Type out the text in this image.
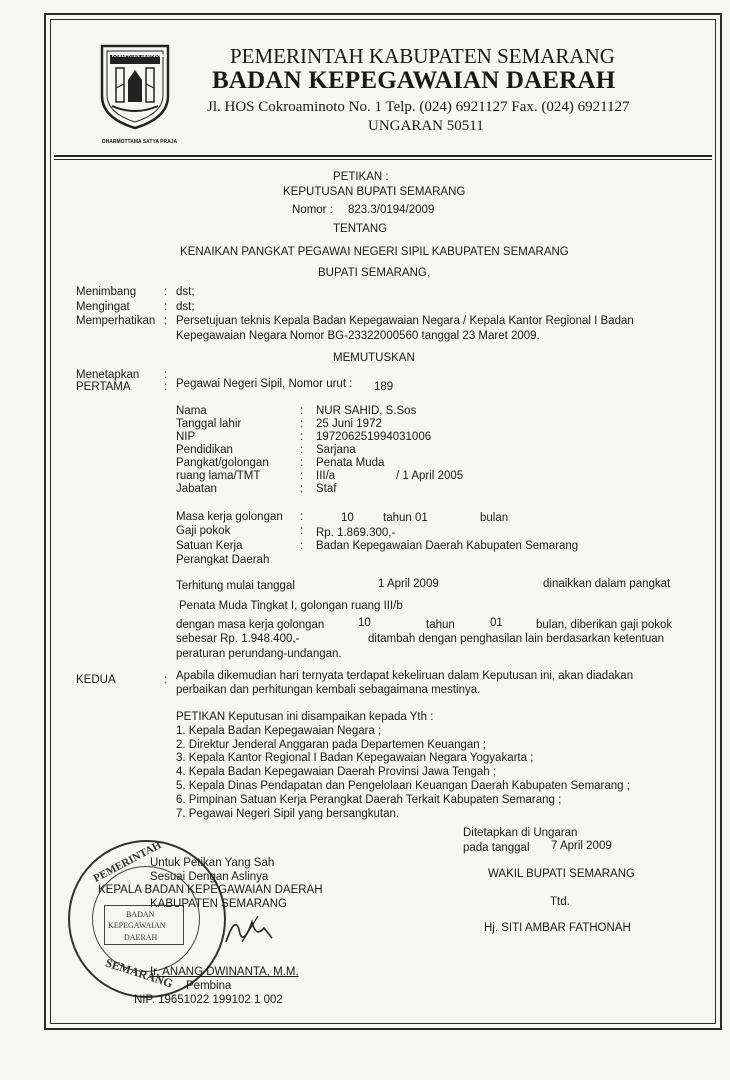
KABUPATEN SEMARANG
DHARMOTTAMA SATYA PRAJA
PEMERINTAH KABUPATEN SEMARANG
BADAN KEPEGAWAIAN DAERAH
Jl. HOS Cokroaminoto No. 1 Telp. (024) 6921127 Fax. (024) 6921127
UNGARAN 50511
PETIKAN :
KEPUTUSAN BUPATI SEMARANG
Nomor : 823.3/0194/2009
TENTANG
KENAIKAN PANGKAT PEGAWAI NEGERI SIPIL KABUPATEN SEMARANG
BUPATI SEMARANG,
Menimbang : dst;
Mengingat	: dst;
Memperhatikan : Persetujuan teknis Kepala Badan Kepegawaian Negara / Kepala Kantor Regional I Badan
Kepegawaian Negara Nomor BG-23322000560 tanggal 23 Maret 2009.
MEMUTUSKAN
Menetapkan :
PERTAMA	: Pegawai Negeri Sipil, Nomor urut : 189
Nama	: NUR SAHID, S.Sos
Tanggal lahir	: 25 Juni 1972
NIP	: 197206251994031006
Pendidikan	: Sarjana
Pangkat/golongan	: Penata Muda
ruang lama/TMT	: III/a	/ 1 April 2005
Jabatan	: Staf
Masa kerja golongan :	10	tahun 01	bulan
Gaji pokok	: Rp. 1.869.300,-
Satuan Kerja	: Badan Kepegawaian Daerah Kabupaten Semarang
Perangkat Daerah
Terhitung mulai tanggal	1 April 2009	dinaikkan dalam pangkat
Penata Muda Tingkat I, golongan ruang III/b
dengan masa kerja golongan	10	tahun	01	bulan, diberikan gaji pokok
sebesar Rp. 1.948.400,-	ditambah dengan penghasilan lain berdasarkan ketentuan
peraturan perundang-undangan.
KEDUA	: Apabila dikemudian hari ternyata terdapat kekeliruan dalam Keputusan ini, akan diadakan
perbaikan dan perhitungan kembali sebagaimana mestinya.
PETIKAN Keputusan ini disampaikan kepada Yth :
1. Kepala Badan Kepegawaian Negara ;
2. Direktur Jenderal Anggaran pada Departemen Keuangan ;
3. Kepala Kantor Regional I Badan Kepegawaian Negara Yogyakarta ;
4. Kepala Badan Kepegawaian Daerah Provinsi Jawa Tengah ;
5. Kepala Dinas Pendapatan dan Pengelolaan Keuangan Daerah Kabupaten Semarang ;
6. Pimpinan Satuan Kerja Perangkat Daerah Terkait Kabupaten Semarang ;
7. Pegawai Negeri Sipil yang bersangkutan.
Ditetapkan di Ungaran
pada tanggal 7 April 2009
WAKIL BUPATI SEMARANG
Ttd.
Hj. SITI AMBAR FATHONAH
PEMERINTAH
SEMARANG
BADAN
KEPEGAWAIAN
DAERAH
Untuk Petikan Yang Sah
Sesuai Dengan Aslinya
KEPALA BADAN KEPEGAWAIAN DAERAH
KABUPATEN SEMARANG
Ir. ANANG DWINANTA, M.M.
Pembina
NIP. 19651022 199102 1 002
